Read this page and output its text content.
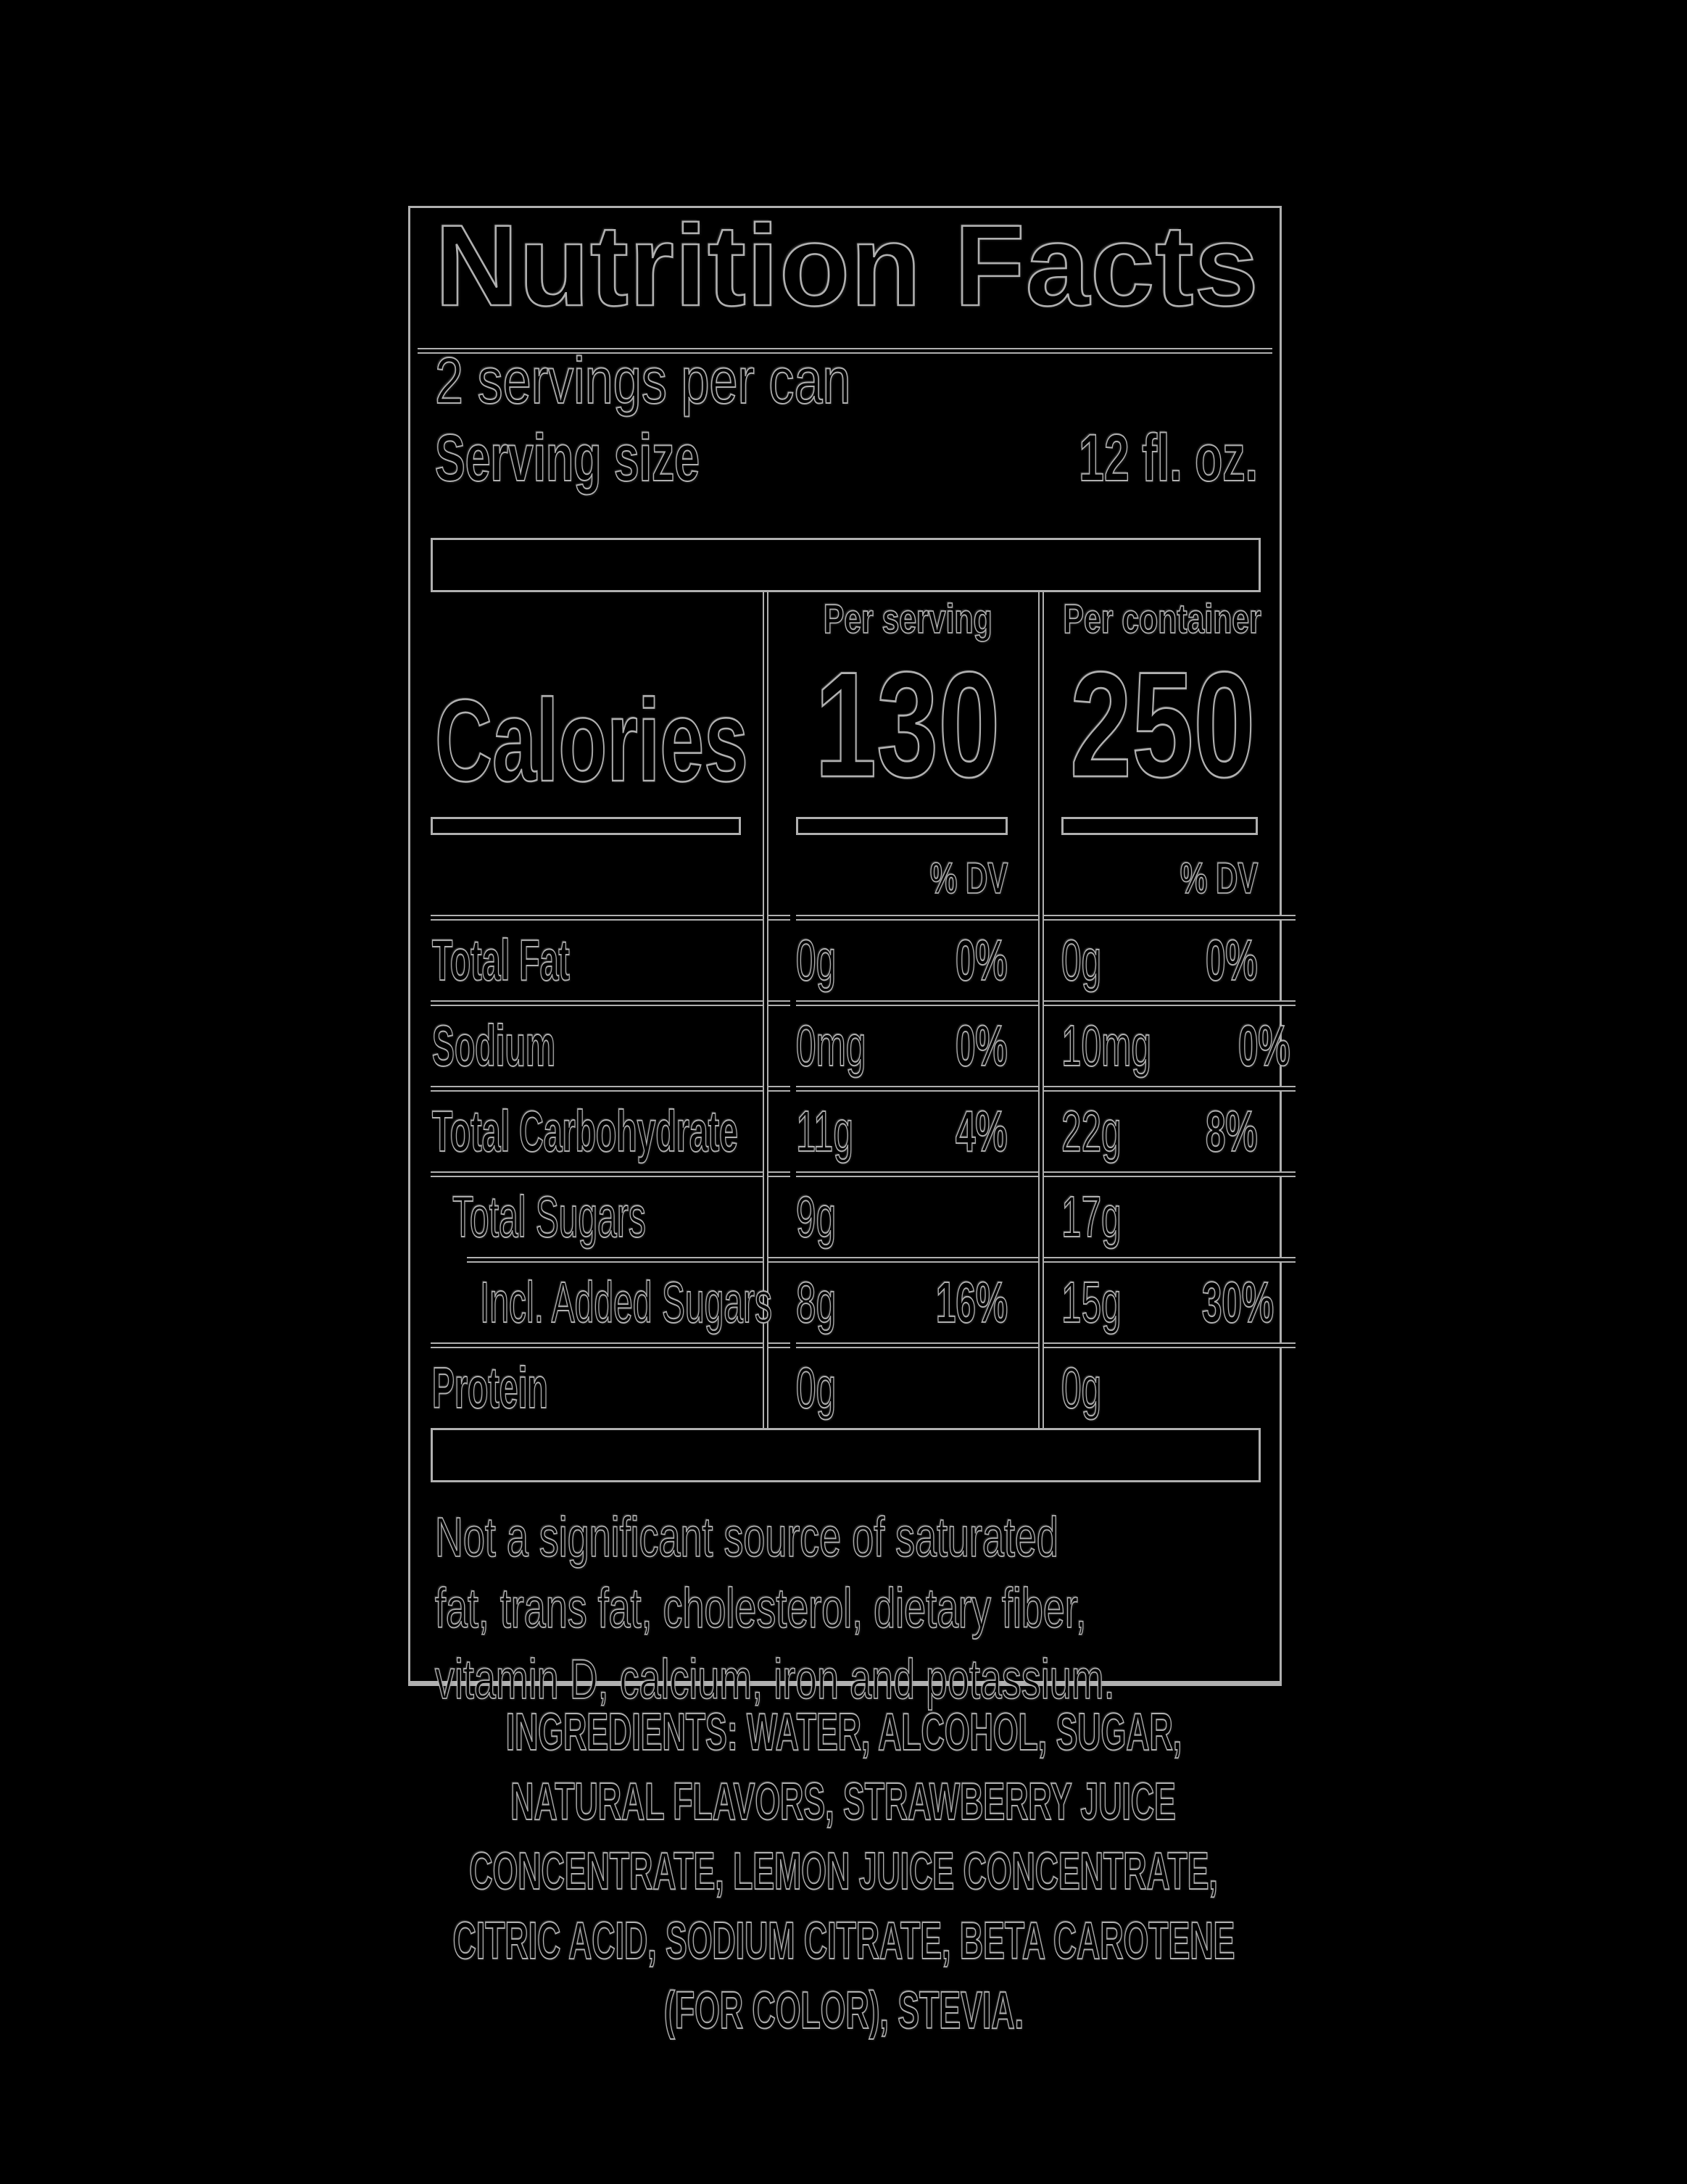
Nutrition Facts
2 servings per can
Serving size	12 fl. oz.
Per serving Per container
Calories 130 250
% DV	% DV
Total Fat	0g 0% 0g 0%
Sodium	0mg 0% 10mg 0%
Total Carbohydrate 11g 4% 22g 8%
Total Sugars	9g	17g
Incl. Added Sugars 8g 16% 15g 30%
Protein	0g	0g
Not a significant source of saturated
fat, trans fat, cholesterol, dietary fiber,
vitamin D, calcium, iron and potassium.
INGREDIENTS: WATER, ALCOHOL, SUGAR,
NATURAL FLAVORS, STRAWBERRY JUICE
CONCENTRATE, LEMON JUICE CONCENTRATE,
CITRIC ACID, SODIUM CITRATE, BETA CAROTENE
(FOR COLOR), STEVIA.
